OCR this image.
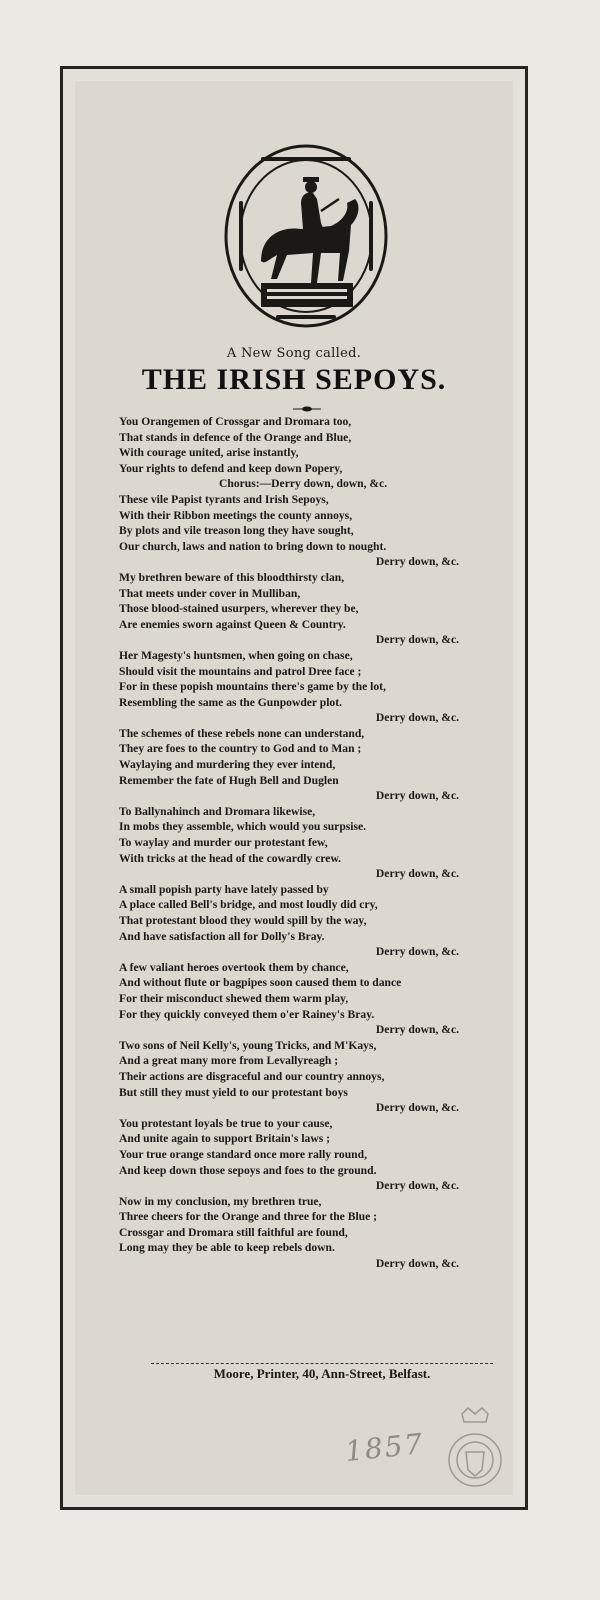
A New Song called.
THE IRISH SEPOYS.
You Orangemen of Crossgar and Dromara too,
That stands in defence of the Orange and Blue,
With courage united, arise instantly,
Your rights to defend and keep down Popery,
Chorus:—Derry down, down, &c.
These vile Papist tyrants and Irish Sepoys,
With their Ribbon meetings the county annoys,
By plots and vile treason long they have sought,
Our church, laws and nation to bring down to nought.
Derry down, &c.
My brethren beware of this bloodthirsty clan,
That meets under cover in Mulliban,
Those blood-stained usurpers, wherever they be,
Are enemies sworn against Queen & Country.
Derry down, &c.
Her Magesty's huntsmen, when going on chase,
Should visit the mountains and patrol Dree face ;
For in these popish mountains there's game by the lot,
Resembling the same as the Gunpowder plot.
Derry down, &c.
The schemes of these rebels none can understand,
They are foes to the country to God and to Man ;
Waylaying and murdering they ever intend,
Remember the fate of Hugh Bell and Duglen
Derry down, &c.
To Ballynahinch and Dromara likewise,
In mobs they assemble, which would you surpsise.
To waylay and murder our protestant few,
With tricks at the head of the cowardly crew.
Derry down, &c.
A small popish party have lately passed by
A place called Bell's bridge, and most loudly did cry,
That protestant blood they would spill by the way,
And have satisfaction all for Dolly's Bray.
Derry down, &c.
A few valiant heroes overtook them by chance,
And without flute or bagpipes soon caused them to dance
For their misconduct shewed them warm play,
For they quickly conveyed them o'er Rainey's Bray.
Derry down, &c.
Two sons of Neil Kelly's, young Tricks, and M'Kays,
And a great many more from Levallyreagh ;
Their actions are disgraceful and our country annoys,
But still they must yield to our protestant boys
Derry down, &c.
You protestant loyals be true to your cause,
And unite again to support Britain's laws ;
Your true orange standard once more rally round,
And keep down those sepoys and foes to the ground.
Derry down, &c.
Now in my conclusion, my brethren true,
Three cheers for the Orange and three for the Blue ;
Crossgar and Dromara still faithful are found,
Long may they be able to keep rebels down.
Derry down, &c.
Moore, Printer, 40, Ann-Street, Belfast.
1857
